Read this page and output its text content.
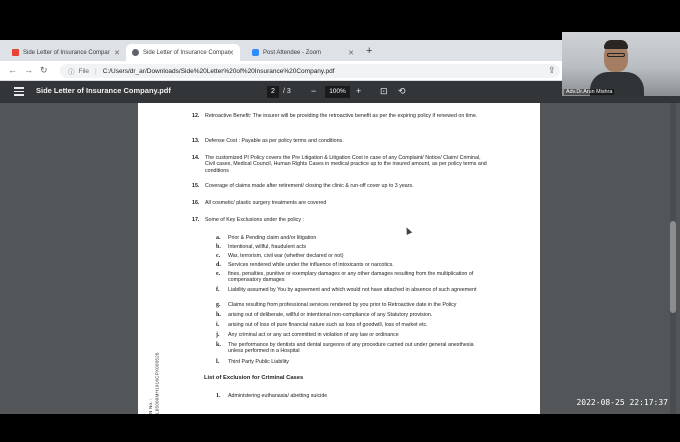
Side Letter of Insurance Compar ✕	Side Letter of Insurance Compar
✕	Post Attendee - Zoom	✕ +
← → ↻	ⓘ File | C:/Users/dr_ar/Downloads/Side%20Letter%20of%20Insurance%20Company.pdf	⇪
Side Letter of Insurance Company.pdf	2	/ 3 −	100%	+ ⊡ ⟲
12. Retroactive Benefit: The insurer will be providing the retroactive benefit as per the expiring policy if renewed on time.
13. Defense Cost : Payable as per policy terms and conditions.
14. The customized PI Policy covers the Pre Litigation & Litigation Cost in case of any Complaint/ Notice/ Claim/ Criminal, Civil cases, Medical Council, Human Rights Cases in medical practice up to the insured amount, as per policy terms and conditions
15. Coverage of claims made after retirement/ closing the clinic & run-off cover up to 3 years.
16. All cosmetic/ plastic surgery treatments are covered
17. Some of Key Exclusions under the policy :
a. Prior & Pending claim and/or litigation
b. Intentional, willful, fraudulent acts
c. War, terrorism, civil war (whether declared or not)
d. Services rendered while under the influence of intoxicants or narcotics.
e. fines, penalties, punitive or exemplary damages or any other damages resulting from the multiplication of compensatory damages
f. Liability assumed by You by agreement and which would not have attached in absence of such agreement
g. Claims resulting from professional services rendered by you prior to Retroactive date in the Policy
h. arising out of deliberate, willful or intentional non-compliance of any Statutory provision.
i. arising out of loss of pure financial nature such as loss of goodwill, loss of market etc.
j. Any criminal act or any act committed in violation of any law or ordinance
k. The performance by dentists and dental surgeons of any procedure carried out under general anesthesia unless performed in a Hospital
l. Third Party Public Liability
List of Exclusion for Criminal Cases
1. Administering euthanasia/ abetting suicide
N No. : L65000MH1916CPX000526
Adv.Dr.Arun Mishra
2022-08-25 22:17:37
